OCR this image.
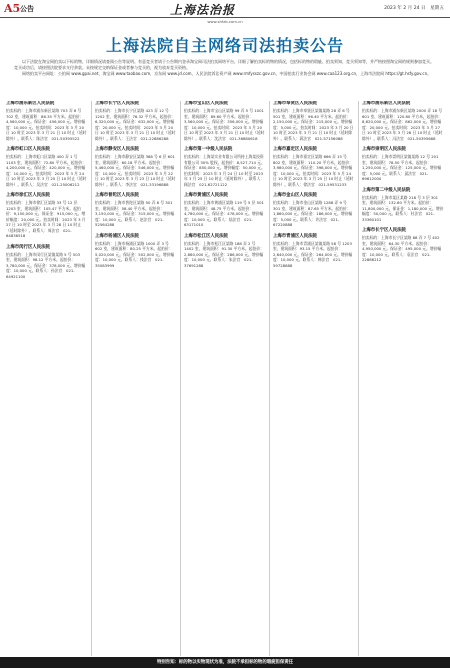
A5 公告	上海法治报	2023 年 2 月 24 日　星期五
www.shfzb.com.cn
上海法院自主网络司法拍卖公告

以下法院在淘宝网拍卖以下标的物，详细情况请查阅公告等说明。有意竞买者请于公告期内登录淘宝网司法拍卖网络平台，详细了解拍卖标的物的情况，包括标的物的瑕疵、拍卖须知、竞买须知等，并严格按照淘宝网的规则参加竞买。竞买成功后，请按照法院要求支付余款。未按规定交纳保证金或者参与竞买的，视为放弃竞买资格。

网络拍卖平台网址：公拍网 www.gpai.net，淘宝网 www.taobao.com，京东网 www.jd.com，人民法院诉讼资产网 www.rmfysszc.gov.cn，中国拍卖行业协会网 www.caa123.org.cn，上海市法院网 https://gt.hsfy.gov.cn。

上海市浦东新区人民法院

拍卖标的：上海市浦东新区某路 703 弄 6 号 702 室，建筑面积：86.35 平方米。起拍价：4,560,000 元。保证金：456,000 元。增价幅度：10,000 元。拍卖时间：2023 年 3 月 20 日 10 时至 2023 年 3 月 21 日 10 时止（延时除外）。联系人：陈法官　021-50395522

上海市虹口区人民法院

拍卖标的：上海市虹口区某路 400 弄 1 号 1103 室，建筑面积：72.80 平方米。起拍价：4,200,000 元。保证金：420,000 元。增价幅度：10,000 元。拍卖时间：2023 年 3 月 24 日 10 时至 2023 年 3 月 25 日 10 时止（延时除外）。联系人：吴法官　021-25006212

上海市徐汇区人民法院

拍卖标的：上海市徐汇区某路 33 号 12 层 1203 室，建筑面积：105.47 平方米。起拍价：9,150,000 元。保证金：915,000 元。增价幅度：20,000 元。拍卖时间：2023 年 3 月 27 日 10 时至 2023 年 3 月 28 日 10 时止（延时除外）。联系人：周法官　021-64836518

上海市闵行区人民法院

拍卖标的：上海市闵行区某镇某路 5 号 503 室，建筑面积：98.12 平方米。起拍价：3,780,000 元。保证金：378,000 元。增价幅度：10,000 元。联系人：孙法官　021-64921100

上海市长宁区人民法院

拍卖标的：上海市长宁区某路 423 弄 12 号 1202 室，建筑面积：76.32 平方米。起拍价：6,320,000 元。保证金：632,000 元。增价幅度：20,000 元。拍卖时间：2023 年 3 月 20 日 10 时至 2023 年 3 月 21 日 10 时止（延时除外）。联系人：王法官　021-22886288

上海市静安区人民法院

拍卖标的：上海市静安区某路 388 号 6 层 601 室，建筑面积：60.18 平方米。起拍价：5,460,000 元。保证金：546,000 元。增价幅度：10,000 元。拍卖时间：2023 年 3 月 22 日 10 时至 2023 年 3 月 23 日 10 时止（延时除外）。联系人：李法官　021-33196888

上海市普陀区人民法院

拍卖标的：上海市普陀区某路 50 弄 8 号 301 室，建筑面积：58.40 平方米。起拍价：3,150,000 元。保证金：315,000 元。增价幅度：10,000 元。联系人：赵法官　021-52564288

上海市杨浦区人民法院

拍卖标的：上海市杨浦区某路 1000 弄 3 号 602 室，建筑面积：80.25 平方米。起拍价：5,020,000 元。保证金：502,000 元。增价幅度：10,000 元。联系人：钱法官　021-35083999

上海市宝山区人民法院

拍卖标的：上海市宝山区某路 99 弄 5 号 1001 室，建筑面积：89.60 平方米。起拍价：3,560,000 元。保证金：356,000 元。增价幅度：10,000 元。拍卖时间：2023 年 3 月 20 日 10 时至 2023 年 3 月 21 日 10 时止（延时除外）。联系人：沈法官　021-36880618

上海市第一中级人民法院

拍卖标的：上海某实业有限公司所持上海某投资有限公司 30% 股权。起拍价：8,527,714 元。保证金：850,000 元。增价幅度：50,000 元。拍卖时间：2023 年 3 月 24 日 10 时至 2023 年 3 月 25 日 10 时止（延时除外）。联系人：顾法官　021-62721122

上海市黄浦区人民法院

拍卖标的：上海市黄浦区某路 119 号 5 层 501 室，建筑面积：48.75 平方米。起拍价：4,780,000 元。保证金：478,000 元。增价幅度：10,000 元。联系人：陆法官　021-63171010

上海市松江区人民法院

拍卖标的：上海市松江区某路 188 弄 2 号 1402 室，建筑面积：91.30 平方米。起拍价：2,860,000 元。保证金：286,000 元。增价幅度：10,000 元。联系人：朱法官　021-37691288

上海市奉贤区人民法院

拍卖标的：上海市奉贤区某镇某路 28 弄 6 号 501 室，建筑面积：96.40 平方米。起拍价：2,150,000 元。保证金：215,000 元。增价幅度：5,000 元。拍卖时间：2023 年 3 月 20 日 10 时至 2023 年 3 月 21 日 10 时止（延时除外）。联系人：蒋法官　021-57156088

上海市嘉定区人民法院

拍卖标的：上海市嘉定区某路 666 弄 15 号 802 室，建筑面积：110.20 平方米。起拍价：3,980,000 元。保证金：398,000 元。增价幅度：10,000 元。拍卖时间：2023 年 3 月 24 日 10 时至 2023 年 3 月 25 日 10 时止（延时除外）。联系人：徐法官　021-59531233

上海市金山区人民法院

拍卖标的：上海市金山区某路 1288 弄 9 号 301 室，建筑面积：87.65 平方米。起拍价：1,860,000 元。保证金：186,000 元。增价幅度：5,000 元。联系人：许法官　021-67220888

上海市青浦区人民法院

拍卖标的：上海市青浦区某镇某路 58 号 1203 室，建筑面积：93.15 平方米。起拍价：2,640,000 元。保证金：264,000 元。增价幅度：10,000 元。联系人：韩法官　021-59728888

上海市浦东新区人民法院

拍卖标的：上海市浦东新区某路 2000 弄 18 号 601 室，建筑面积：120.80 平方米。起拍价：8,620,000 元。保证金：862,000 元。增价幅度：20,000 元。拍卖时间：2023 年 3 月 27 日 10 时至 2023 年 3 月 28 日 10 时止（延时除外）。联系人：冯法官　021-50395688

上海市崇明区人民法院

拍卖标的：上海市崇明区某镇某路 12 号 201 室，建筑面积：78.50 平方米。起拍价：1,250,000 元。保证金：125,000 元。增价幅度：5,000 元。联系人：邱法官　021-69612000

上海市第二中级人民法院

拍卖标的：上海市某区某路 218 号 3 层 301 室，建筑面积：132.60 平方米。起拍价：11,800,000 元。保证金：1,180,000 元。增价幅度：50,000 元。联系人：杜法官　021-33360101

上海市长宁区人民法院

拍卖标的：上海市长宁区某路 88 弄 7 号 402 室，建筑面积：64.30 平方米。起拍价：4,950,000 元。保证金：495,000 元。增价幅度：10,000 元。联系人：袁法官　021-22886212

特别告知：标的物以实物现状为准，法院不承担标的物的瑕疵担保责任
